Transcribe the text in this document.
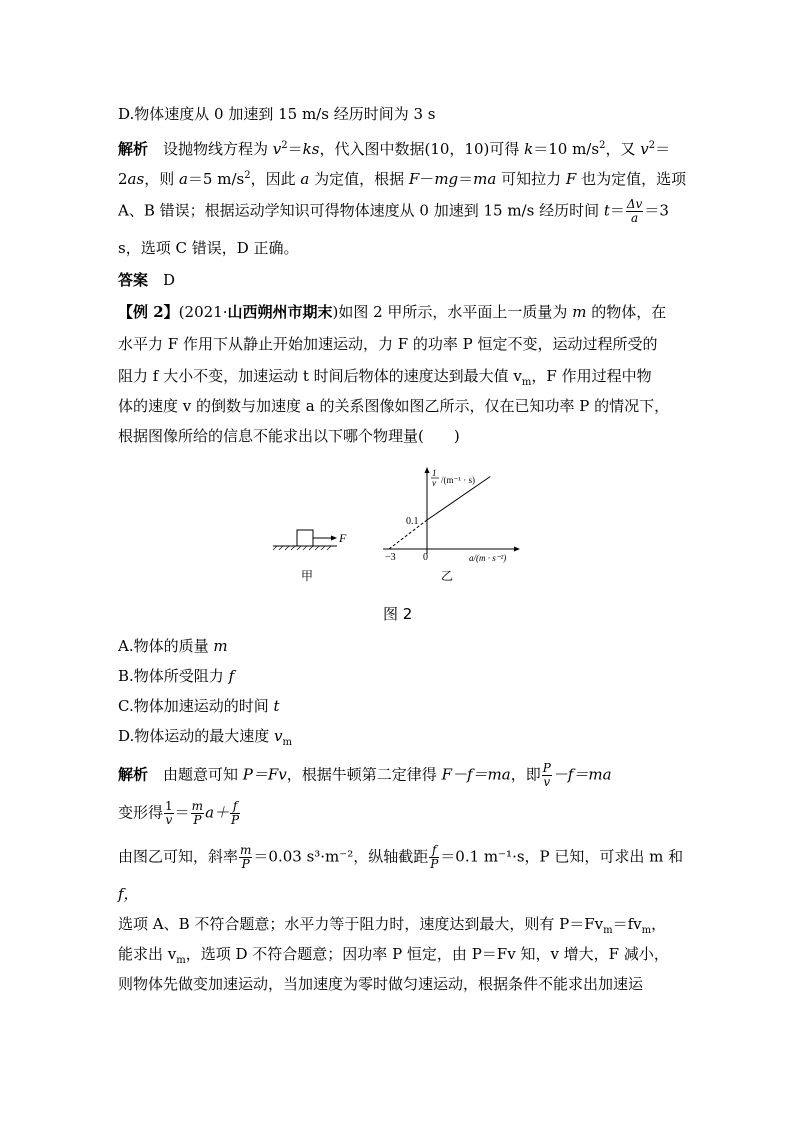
D.物体速度从 0 加速到 15 m/s 经历时间为 3 s
解析  设抛物线方程为 $v^2=ks$，代入图中数据(10，10)可得 k＝10 $m/s^2$，又 $v^2=$
2as，则 a＝5 $m/s^2$，因此 a 为定值，根据 F－mg＝ma 可知拉力 F 也为定值，选项
A、B 错误；根据运动学知识可得物体速度从 0 加速到 15 m/s 经历时间 $t= \frac{\Delta v}{a} =3$
s，选项 C 错误，D 正确。
答案  D
【例 2】(2021·山西朔州市期末)如图 2 甲所示，水平面上一质量为 m 的物体，在
水平力 F 作用下从静止开始加速运动，力 F 的功率 P 恒定不变，运动过程所受的
阻力 f 大小不变，加速运动 t 时间后物体的速度达到最大值 $v_m$，F 作用过程中物
体的速度 v 的倒数与加速度 a 的关系图像如图乙所示，仅在已知功率 P 的情况下，
根据图像所给的信息不能求出以下哪个物理量(　　)
F
甲
1
v /(m⁻¹ · s)
0.1
−3	0	a/(m · s⁻²)
乙
图 2
A.物体的质量 m
B.物体所受阻力 f
C.物体加速运动的时间 t
D.物体运动的最大速度 $v_m$
解析  由题意可知 P＝Fv，根据牛顿第二定律得 F－f＝ma，即 $\frac{P}{v} -f=ma$
变形得 $\frac{1}{v} = \frac{m}{P} a+ \frac{f}{P}$
由图乙可知，斜率 $\frac{m}{P} =0.03$ s³·m⁻²，纵轴截距 $\frac{f}{P} =0.1$ m⁻¹·s，P 已知，可求出 m 和
f，
选项 A、B 不符合题意；水平力等于阻力时，速度达到最大，则有 $P=Fv_m=fv_m$，
能求出 $v_m$，选项 D 不符合题意；因功率 P 恒定，由 P＝Fv 知，v 增大，F 减小，
则物体先做变加速运动，当加速度为零时做匀速运动，根据条件不能求出加速运
